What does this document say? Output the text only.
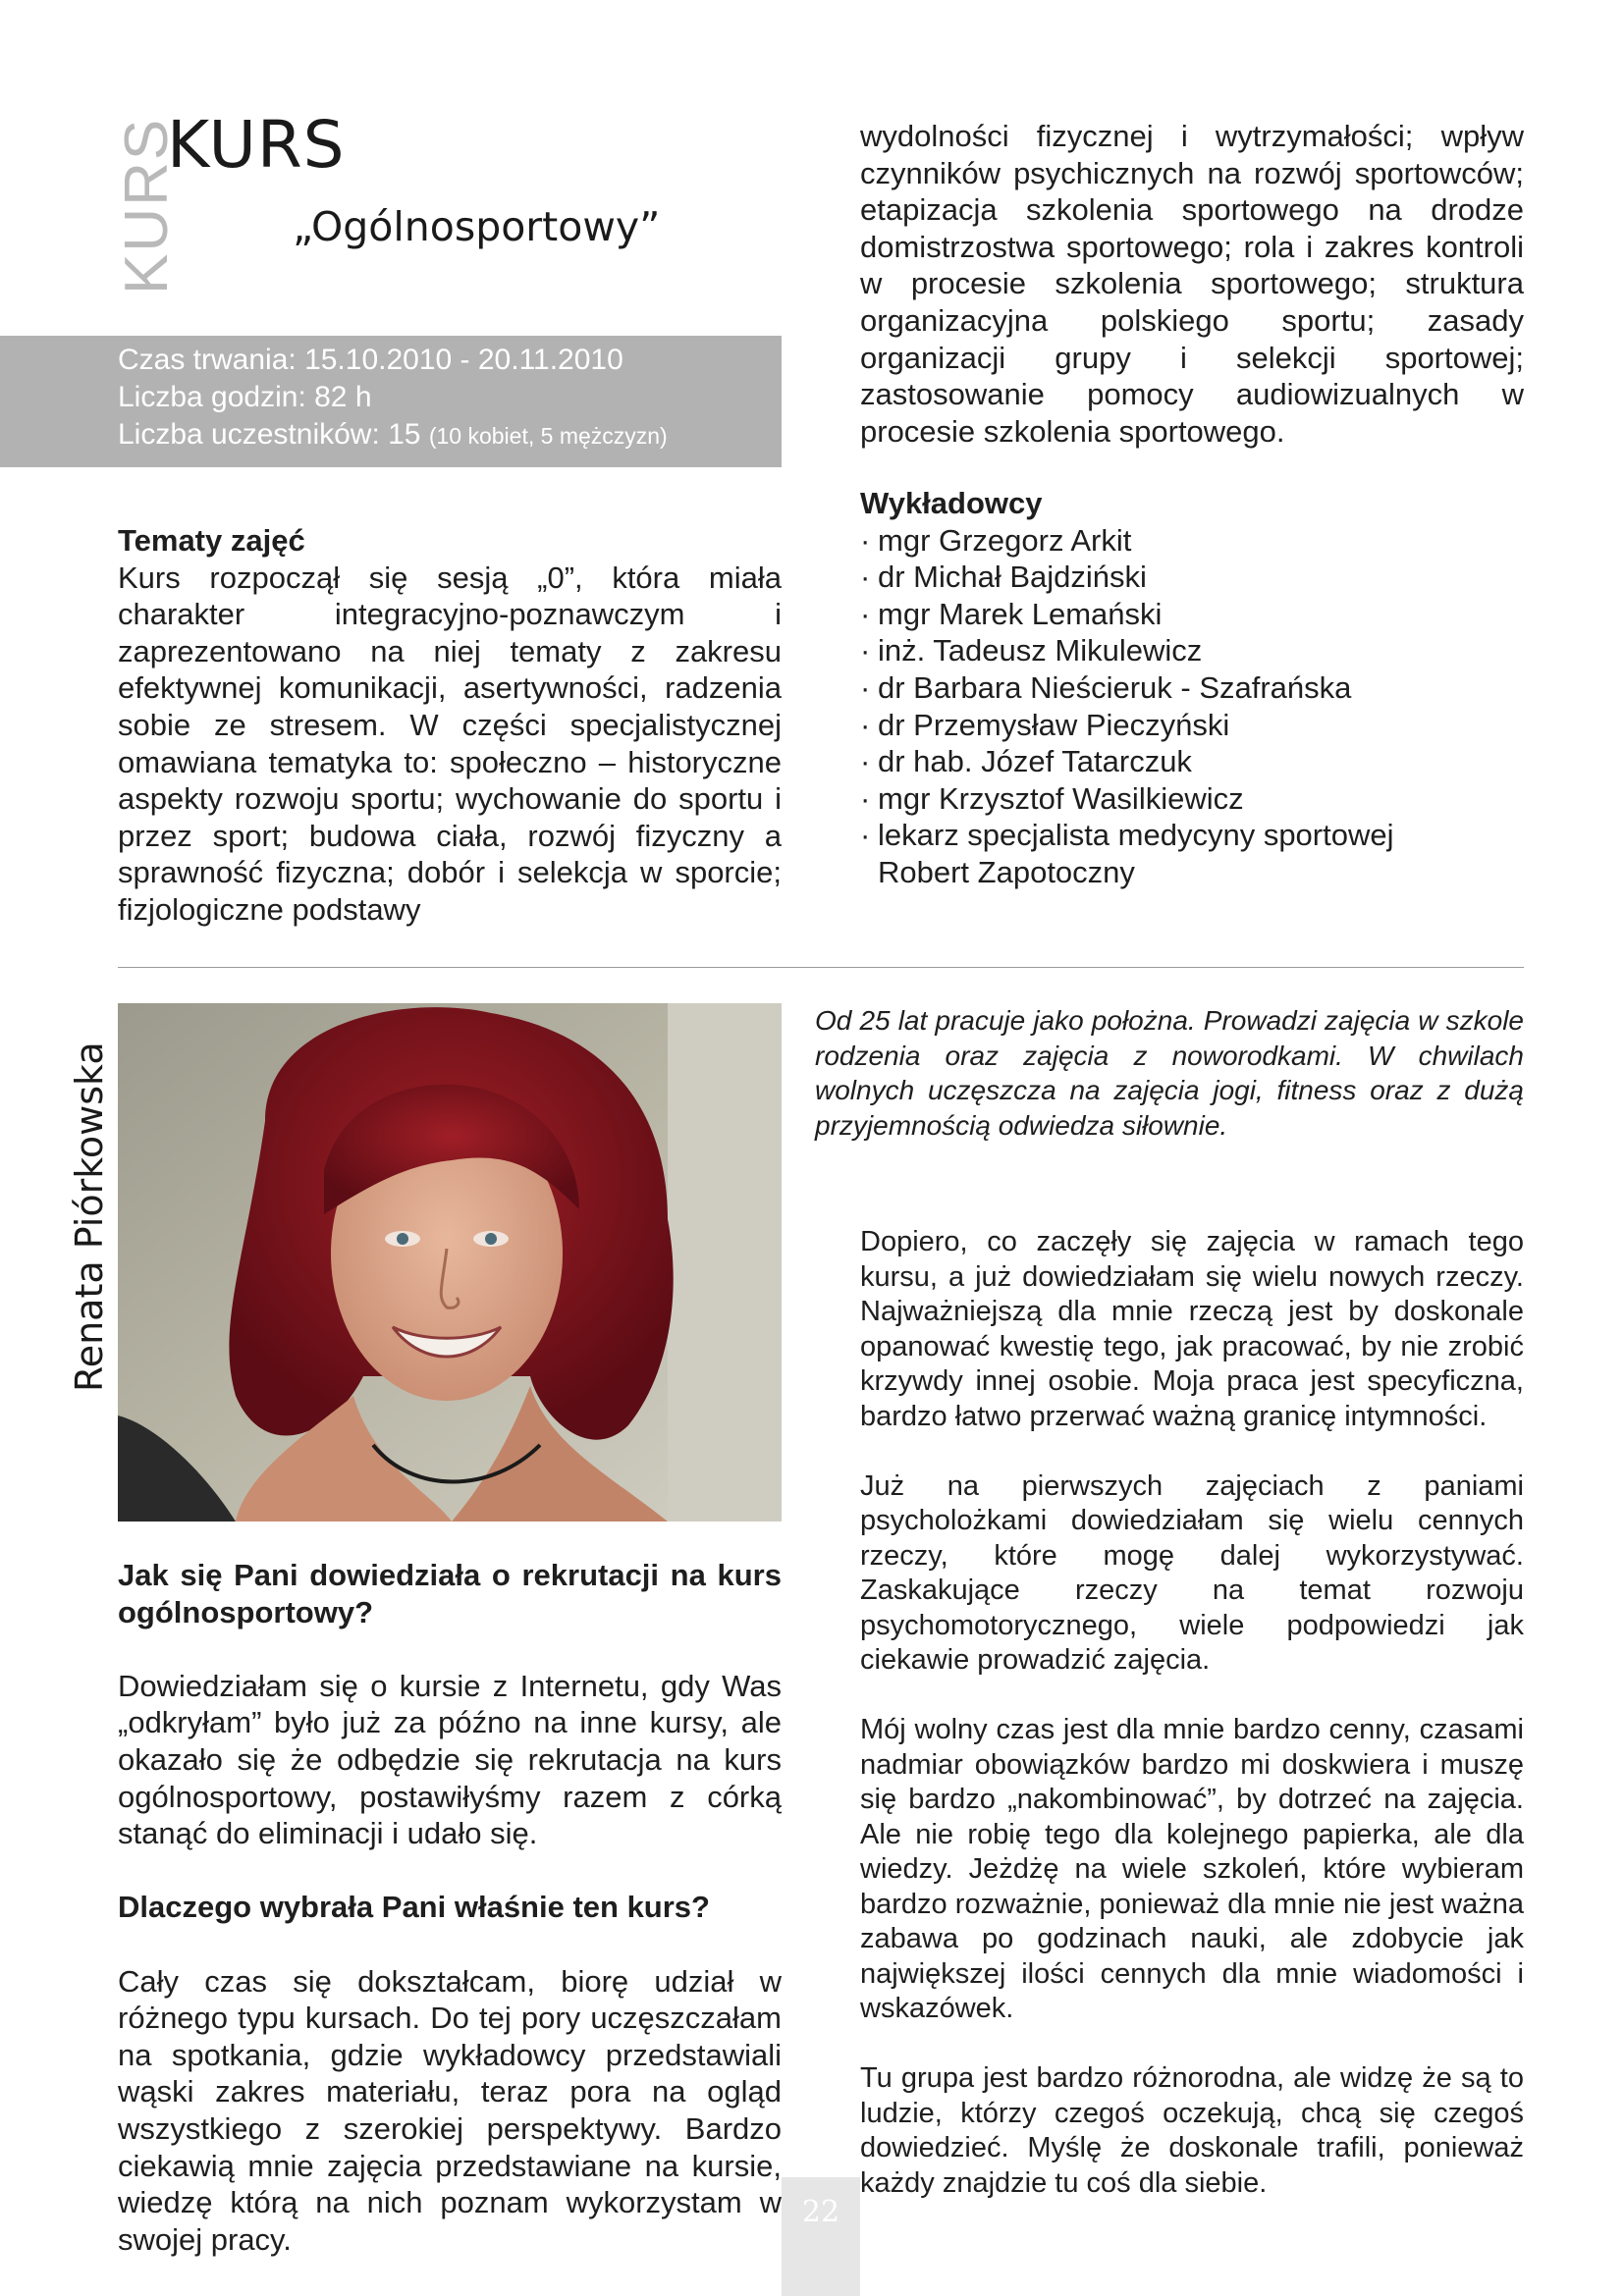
KURS
KURS
„Ogólnosportowy”
Czas trwania: 15.10.2010 - 20.11.2010
Liczba godzin: 82 h
Liczba uczestników: 15 (10 kobiet, 5 mężczyzn)
Tematy zajęć

Kurs rozpoczął się sesją „0”, która miała charakter integracyjno-poznawczym i zaprezentowano na niej tematy z zakresu efektywnej komunikacji, asertywności, radzenia sobie ze stresem. W części specjalistycznej omawiana tematyka to: społeczno – historyczne aspekty rozwoju sportu; wychowanie do sportu i przez sport; budowa ciała, rozwój fizyczny a sprawność fizyczna; dobór i selekcja w sporcie; fizjologiczne podstawy

wydolności fizycznej i wytrzymałości; wpływ czynników psychicznych na rozwój sportowców; etapizacja szkolenia sportowego na drodze domistrzostwa sportowego; rola i zakres kontroli w procesie szkolenia sportowego; struktura organizacyjna polskiego sportu; zasady organizacji grupy i selekcji sportowej; zastosowanie pomocy audiowizualnych w procesie szkolenia sportowego.

Wykładowcy
· mgr Grzegorz Arkit
· dr Michał Bajdziński
· mgr Marek Lemański
· inż. Tadeusz Mikulewicz
· dr Barbara Nieścieruk - Szafrańska
· dr Przemysław Pieczyński
· dr hab. Józef Tatarczuk
· mgr Krzysztof Wasilkiewicz
· lekarz specjalista medycyny sportowej
Robert Zapotoczny
Renata Piórkowska

Od 25 lat pracuje jako położna. Prowadzi zajęcia w szkole rodzenia oraz zajęcia z noworodkami. W chwilach wolnych uczęszcza na zajęcia jogi, fitness oraz z dużą przyjemnością odwiedza siłownie.

Jak się Pani dowiedziała o rekrutacji na kurs ogólnosportowy?

Dowiedziałam się o kursie z Internetu, gdy Was „odkryłam” było już za późno na inne kursy, ale okazało się że odbędzie się rekrutacja na kurs ogólnosportowy, postawiłyśmy razem z córką stanąć do eliminacji i udało się.

Dlaczego wybrała Pani właśnie ten kurs?

Cały czas się dokształcam, biorę udział w różnego typu kursach. Do tej pory uczęszczałam na spotkania, gdzie wykładowcy przedstawiali wąski zakres materiału, teraz pora na ogląd wszystkiego z szerokiej perspektywy. Bardzo ciekawią mnie zajęcia przedstawiane na kursie, wiedzę którą na nich poznam wykorzystam w swojej pracy.

Dopiero, co zaczęły się zajęcia w ramach tego kursu, a już dowiedziałam się wielu nowych rzeczy. Najważniejszą dla mnie rzeczą jest by doskonale opanować kwestię tego, jak pracować, by nie zrobić krzywdy innej osobie. Moja praca jest specyficzna, bardzo łatwo przerwać ważną granicę intymności.

Już na pierwszych zajęciach z paniami psycholożkami dowiedziałam się wielu cennych rzeczy, które mogę dalej wykorzystywać. Zaskakujące rzeczy na temat rozwoju psychomotorycznego, wiele podpowiedzi jak ciekawie prowadzić zajęcia.

Mój wolny czas jest dla mnie bardzo cenny, czasami nadmiar obowiązków bardzo mi doskwiera i muszę się bardzo „nakombinować”, by dotrzeć na zajęcia. Ale nie robię tego dla kolejnego papierka, ale dla wiedzy. Jeżdżę na wiele szkoleń, które wybieram bardzo rozważnie, ponieważ dla mnie nie jest ważna zabawa po godzinach nauki, ale zdobycie jak największej ilości cennych dla mnie wiadomości i wskazówek.

Tu grupa jest bardzo różnorodna, ale widzę że są to ludzie, którzy czegoś oczekują, chcą się czegoś dowiedzieć. Myślę że doskonale trafili, ponieważ każdy znajdzie tu coś dla siebie.

22
